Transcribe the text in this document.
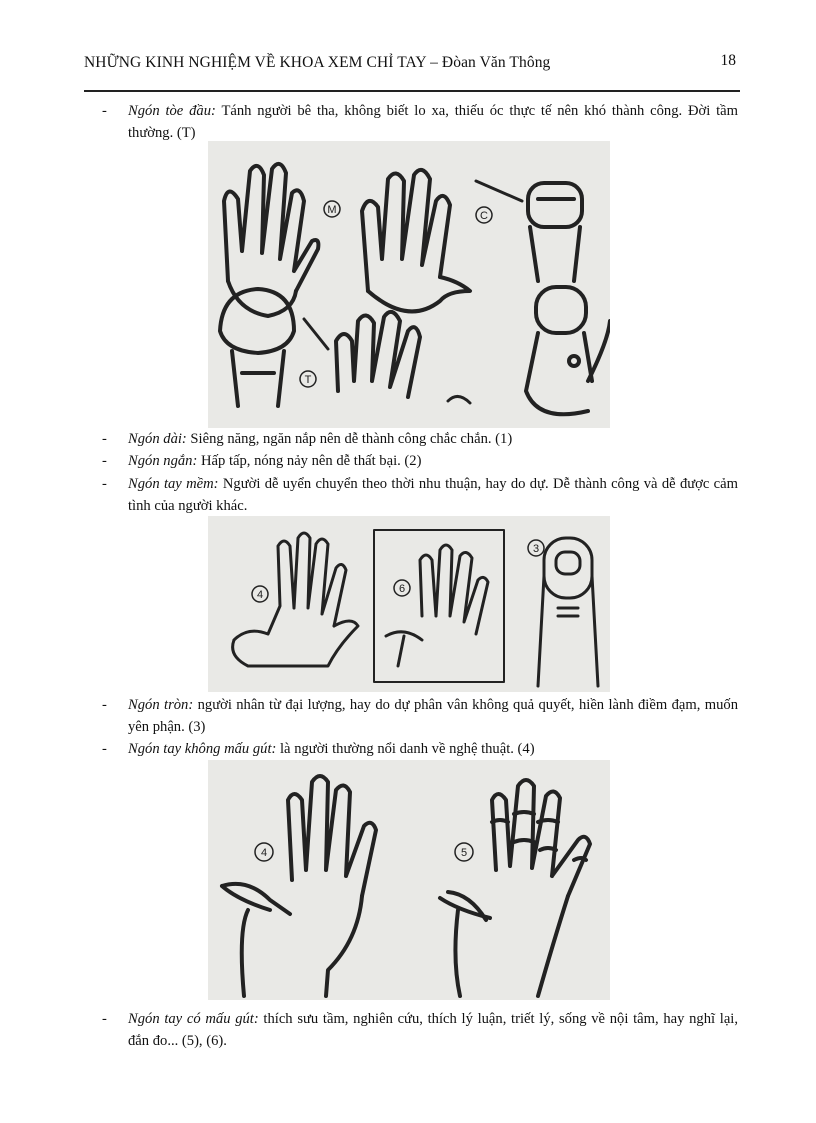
NHỮNG KINH NGHIỆM VỀ KHOA XEM CHỈ TAY – Đòan Văn Thông	18
- Ngón tòe đầu: Tánh người bê tha, không biết lo xa, thiếu óc thực tế nên khó thành công. Đời tầm thường. (T)
M	C
T
- Ngón dài: Siêng năng, ngăn nắp nên dễ thành công chắc chắn. (1)
- Ngón ngắn: Hấp tấp, nóng nảy nên dễ thất bại. (2)
- Ngón tay mềm: Người dễ uyển chuyển theo thời nhu thuận, hay do dự. Dễ thành công và dễ được cảm tình của người khác.
4	6
3
- Ngón tròn: người nhân từ đại lượng, hay do dự phân vân không quả quyết, hiền lành điềm đạm, muốn yên phận. (3)
- Ngón tay không mấu gút: là người thường nổi danh về nghệ thuật. (4)
4	5
- Ngón tay có mấu gút: thích sưu tầm, nghiên cứu, thích lý luận, triết lý, sống về nội tâm, hay nghĩ lại, đắn đo... (5), (6).
